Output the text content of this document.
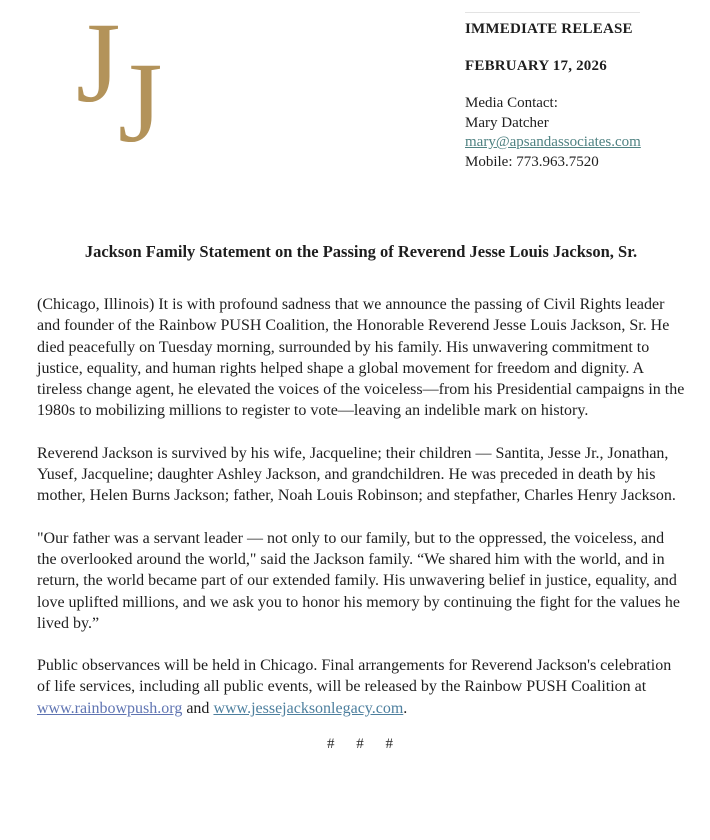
J
J
IMMEDIATE RELEASE
FEBRUARY 17, 2026
Media Contact:
Mary Datcher
mary@apsandassociates.com
Mobile: 773.963.7520
Jackson Family Statement on the Passing of Reverend Jesse Louis Jackson, Sr.

(Chicago, Illinois) It is with profound sadness that we announce the passing of Civil Rights leader and founder of the Rainbow PUSH Coalition, the Honorable Reverend Jesse Louis Jackson, Sr. He died peacefully on Tuesday morning, surrounded by his family. His unwavering commitment to justice, equality, and human rights helped shape a global movement for freedom and dignity. A tireless change agent, he elevated the voices of the voiceless—from his Presidential campaigns in the 1980s to mobilizing millions to register to vote—leaving an indelible mark on history.

Reverend Jackson is survived by his wife, Jacqueline; their children — Santita, Jesse Jr., Jonathan, Yusef, Jacqueline; daughter Ashley Jackson, and grandchildren. He was preceded in death by his mother, Helen Burns Jackson; father, Noah Louis Robinson; and stepfather, Charles Henry Jackson.

"Our father was a servant leader — not only to our family, but to the oppressed, the voiceless, and the overlooked around the world," said the Jackson family. “We shared him with the world, and in return, the world became part of our extended family. His unwavering belief in justice, equality, and love uplifted millions, and we ask you to honor his memory by continuing the fight for the values he lived by.”

Public observances will be held in Chicago. Final arrangements for Reverend Jackson's celebration of life services, including all public events, will be released by the Rainbow PUSH Coalition at www.rainbowpush.org and www.jessejacksonlegacy.com.

# # #
